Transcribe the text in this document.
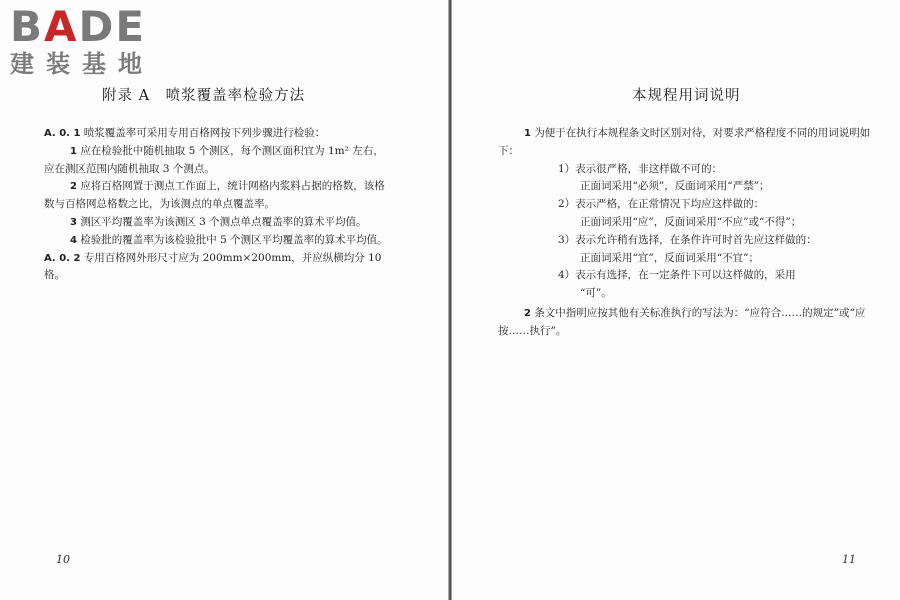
BADE
建装基地
附录 A　喷浆覆盖率检验方法

A. 0. 1 喷浆覆盖率可采用专用百格网按下列步骤进行检验：

1 应在检验批中随机抽取 5 个测区，每个测区面积宜为 1m² 左右，应在测区范围内随机抽取 3 个测点。

2 应将百格网置于测点工作面上，统计网格内浆料占据的格数，该格数与百格网总格数之比，为该测点的单点覆盖率。

3 测区平均覆盖率为该测区 3 个测点单点覆盖率的算术平均值。

4 检验批的覆盖率为该检验批中 5 个测区平均覆盖率的算术平均值。

A. 0. 2 专用百格网外形尺寸应为 200mm×200mm，并应纵横均分 10 格。

10
本规程用词说明

1 为便于在执行本规程条文时区别对待，对要求严格程度不同的用词说明如下：

1）表示很严格，非这样做不可的：

正面词采用“必须”，反面词采用“严禁”；

2）表示严格，在正常情况下均应这样做的：

正面词采用“应”，反面词采用“不应”或“不得”；

3）表示允许稍有选择，在条件许可时首先应这样做的：

正面词采用“宜”，反面词采用“不宜”；

4）表示有选择，在一定条件下可以这样做的，采用

“可”。

2 条文中指明应按其他有关标准执行的写法为：“应符合……的规定”或“应按……执行”。

11
